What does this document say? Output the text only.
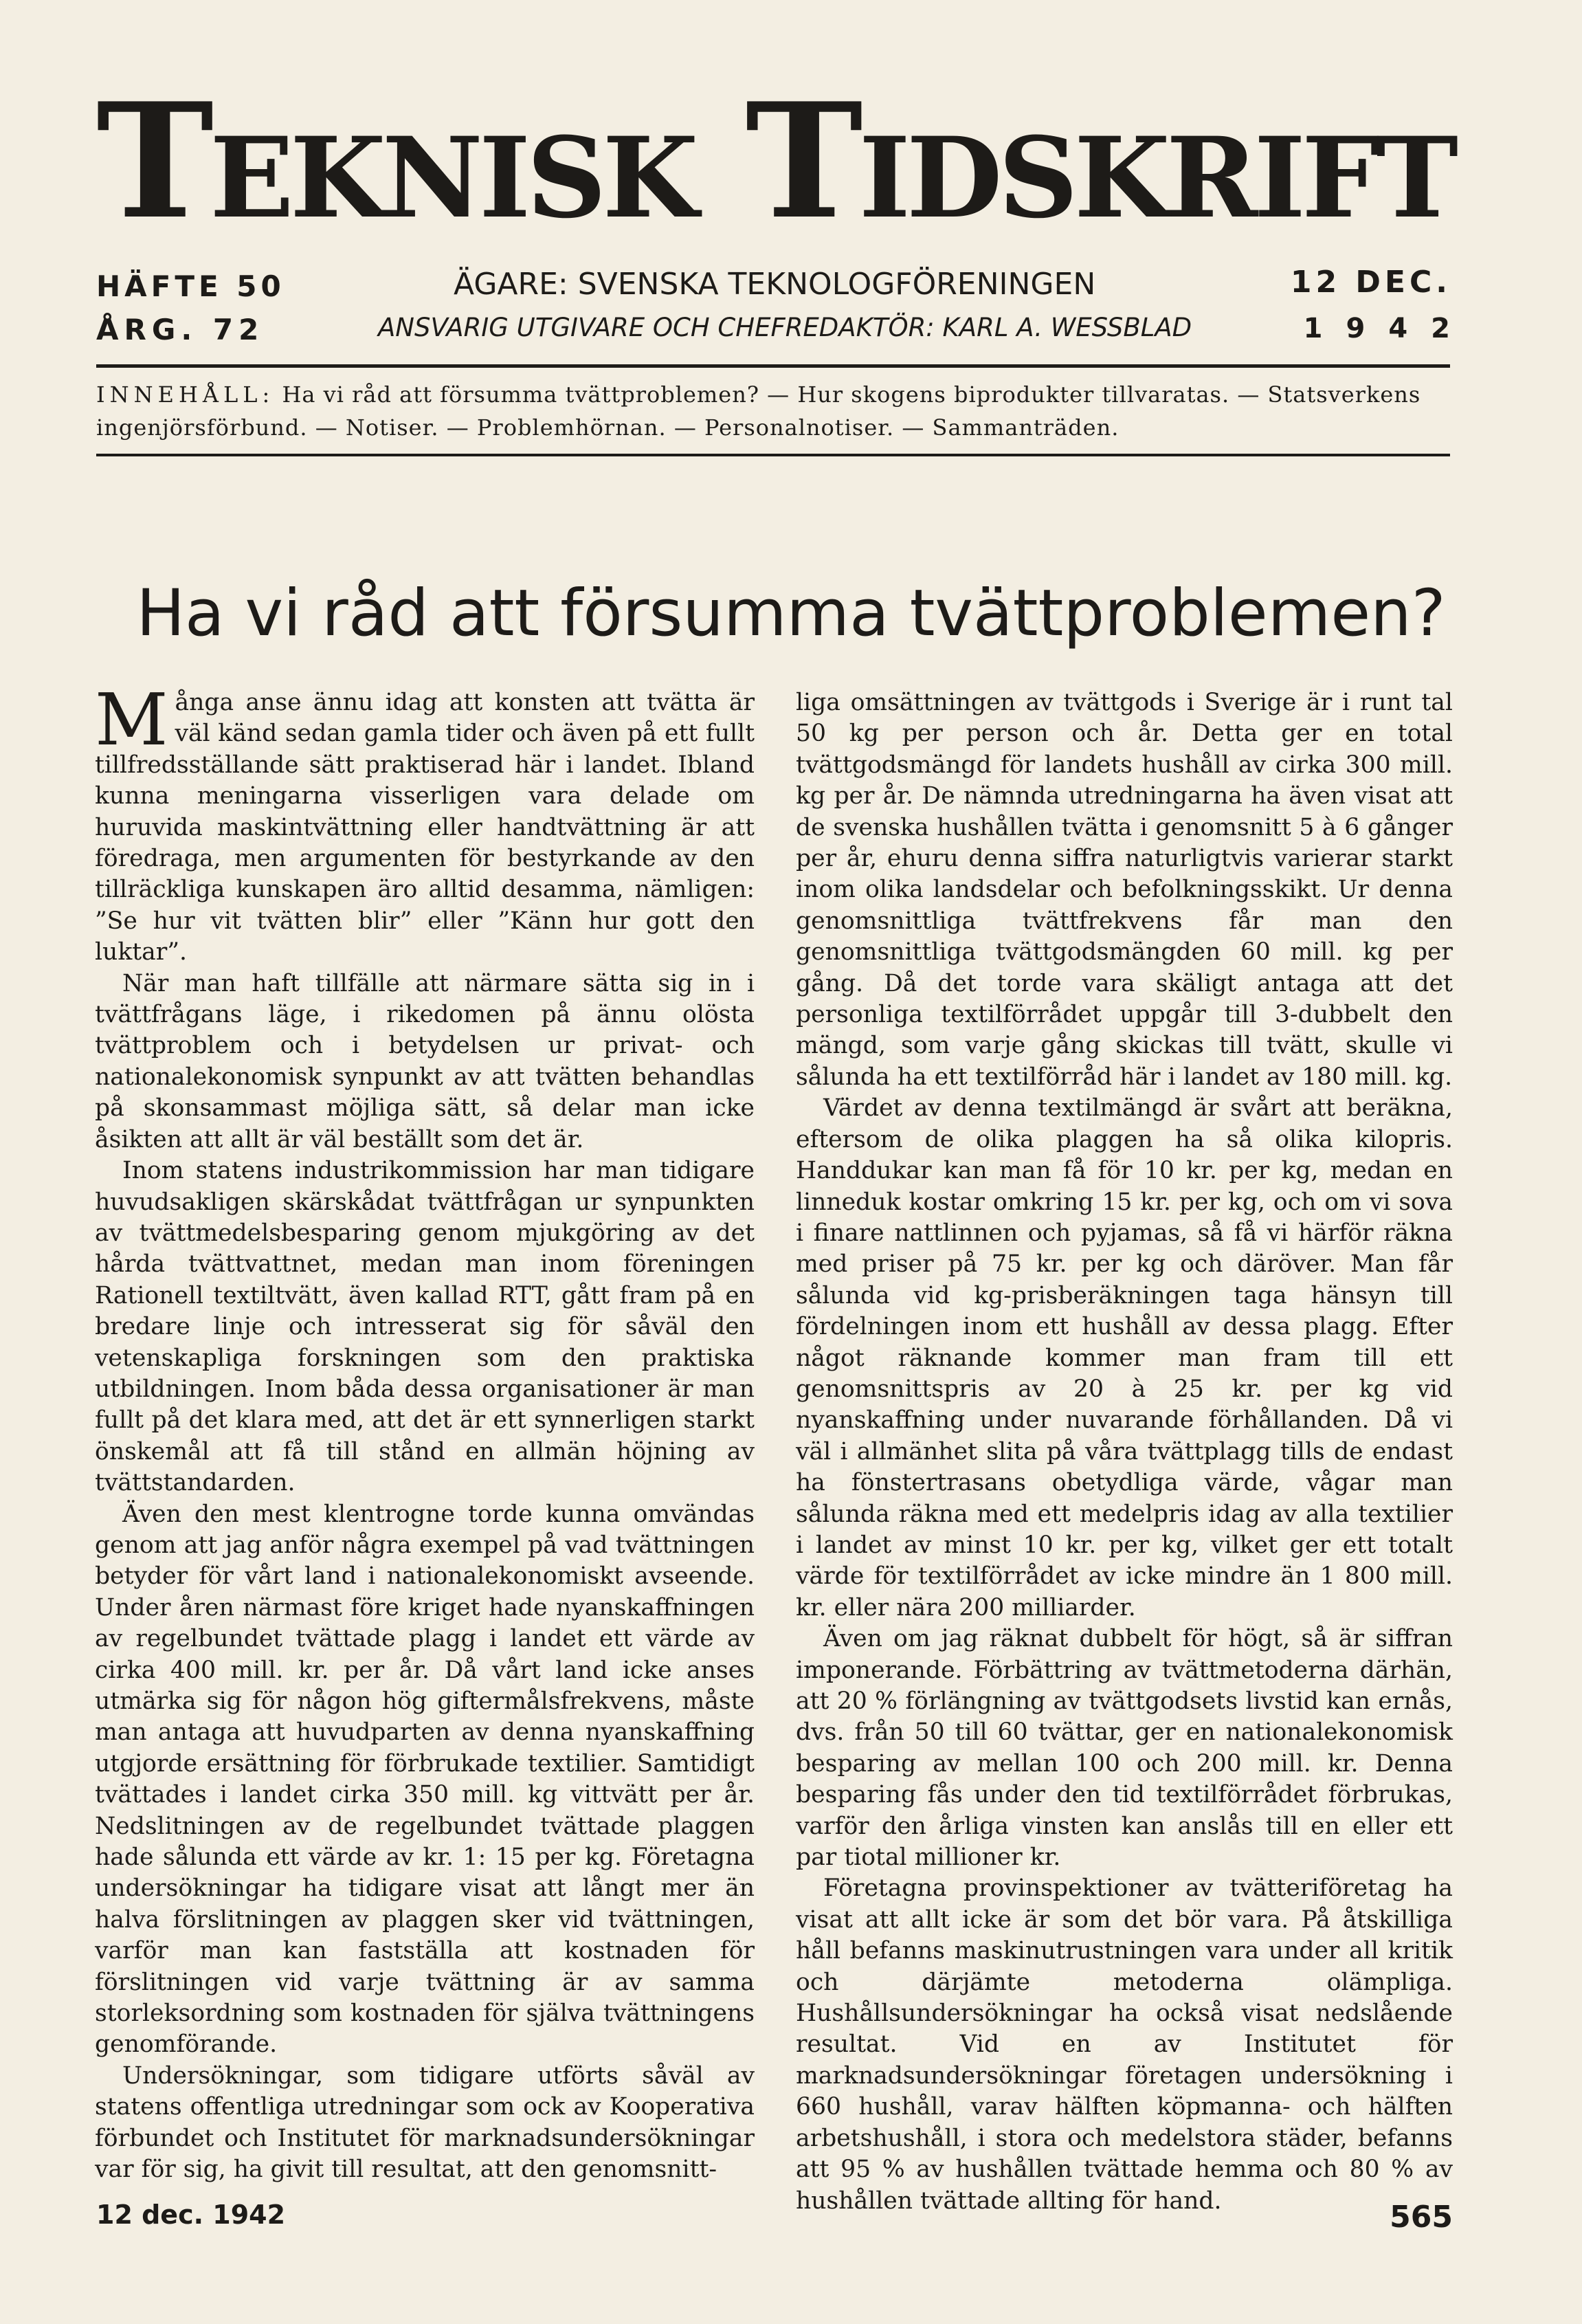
Teknisk Tidskrift
HÄFTE 50
ÅRG. 72
ÄGARE: SVENSKA TEKNOLOGFÖRENINGEN
ANSVARIG UTGIVARE OCH CHEFREDAKTÖR: KARL A. WESSBLAD
12 DEC.
1942
INNEHÅLL: Ha vi råd att försumma tvättproblemen? — Hur skogens biprodukter tillvaratas. — Statsverkens ingenjörsförbund. — Notiser. — Problemhörnan. — Personalnotiser. — Sammanträden.
Ha vi råd att försumma tvättproblemen?

Många anse ännu idag att konsten att tvätta är väl känd sedan gamla tider och även på ett fullt tillfredsställande sätt praktiserad här i landet. Ibland kunna meningarna visserligen vara delade om huruvida maskintvättning eller handtvättning är att föredraga, men argumenten för bestyrkande av den tillräckliga kunskapen äro alltid desamma, nämligen: ”Se hur vit tvätten blir” eller ”Känn hur gott den luktar”.

När man haft tillfälle att närmare sätta sig in i tvättfrågans läge, i rikedomen på ännu olösta tvättproblem och i betydelsen ur privat- och nationalekonomisk synpunkt av att tvätten behandlas på skonsammast möjliga sätt, så delar man icke åsikten att allt är väl beställt som det är.

Inom statens industrikommission har man tidigare huvudsakligen skärskådat tvättfrågan ur synpunkten av tvättmedelsbesparing genom mjukgöring av det hårda tvättvattnet, medan man inom föreningen Rationell textiltvätt, även kallad RTT, gått fram på en bredare linje och intresserat sig för såväl den vetenskapliga forskningen som den praktiska utbildningen. Inom båda dessa organisationer är man fullt på det klara med, att det är ett synnerligen starkt önskemål att få till stånd en allmän höjning av tvättstandarden.

Även den mest klentrogne torde kunna omvändas genom att jag anför några exempel på vad tvättningen betyder för vårt land i nationalekonomiskt avseende. Under åren närmast före kriget hade nyanskaffningen av regelbundet tvättade plagg i landet ett värde av cirka 400 mill. kr. per år. Då vårt land icke anses utmärka sig för någon hög giftermålsfrekvens, måste man antaga att huvudparten av denna nyanskaffning utgjorde ersättning för förbrukade textilier. Samtidigt tvättades i landet cirka 350 mill. kg vittvätt per år. Nedslitningen av de regelbundet tvättade plaggen hade sålunda ett värde av kr. 1: 15 per kg. Företagna undersökningar ha tidigare visat att långt mer än halva förslitningen av plaggen sker vid tvättningen, varför man kan fastställa att kostnaden för förslitningen vid varje tvättning är av samma storleksordning som kostnaden för själva tvättningens genomförande.

Undersökningar, som tidigare utförts såväl av statens offentliga utredningar som ock av Kooperativa förbundet och Institutet för marknadsundersökningar var för sig, ha givit till resultat, att den genomsnitt-

liga omsättningen av tvättgods i Sverige är i runt tal 50 kg per person och år. Detta ger en total tvättgodsmängd för landets hushåll av cirka 300 mill. kg per år. De nämnda utredningarna ha även visat att de svenska hushållen tvätta i genomsnitt 5 à 6 gånger per år, ehuru denna siffra naturligtvis varierar starkt inom olika landsdelar och befolkningsskikt. Ur denna genomsnittliga tvättfrekvens får man den genomsnittliga tvättgodsmängden 60 mill. kg per gång. Då det torde vara skäligt antaga att det personliga textilförrådet uppgår till 3-dubbelt den mängd, som varje gång skickas till tvätt, skulle vi sålunda ha ett textilförråd här i landet av 180 mill. kg.

Värdet av denna textilmängd är svårt att beräkna, eftersom de olika plaggen ha så olika kilopris. Handdukar kan man få för 10 kr. per kg, medan en linneduk kostar omkring 15 kr. per kg, och om vi sova i finare nattlinnen och pyjamas, så få vi härför räkna med priser på 75 kr. per kg och däröver. Man får sålunda vid kg-prisberäkningen taga hänsyn till fördelningen inom ett hushåll av dessa plagg. Efter något räknande kommer man fram till ett genomsnittspris av 20 à 25 kr. per kg vid nyanskaffning under nuvarande förhållanden. Då vi väl i allmänhet slita på våra tvättplagg tills de endast ha fönstertrasans obetydliga värde, vågar man sålunda räkna med ett medelpris idag av alla textilier i landet av minst 10 kr. per kg, vilket ger ett totalt värde för textilförrådet av icke mindre än 1 800 mill. kr. eller nära 200 milliarder.

Även om jag räknat dubbelt för högt, så är siffran imponerande. Förbättring av tvättmetoderna därhän, att 20 % förlängning av tvättgodsets livstid kan ernås, dvs. från 50 till 60 tvättar, ger en nationalekonomisk besparing av mellan 100 och 200 mill. kr. Denna besparing fås under den tid textilförrådet förbrukas, varför den årliga vinsten kan anslås till en eller ett par tiotal millioner kr.

Företagna provinspektioner av tvätteriföretag ha visat att allt icke är som det bör vara. På åtskilliga håll befanns maskinutrustningen vara under all kritik och därjämte metoderna olämpliga. Hushållsundersökningar ha också visat nedslående resultat. Vid en av Institutet för marknadsundersökningar företagen undersökning i 660 hushåll, varav hälften köpmanna- och hälften arbetshushåll, i stora och medelstora städer, befanns att 95 % av hushållen tvättade hemma och 80 % av hushållen tvättade allting för hand.

12 dec. 1942	565
